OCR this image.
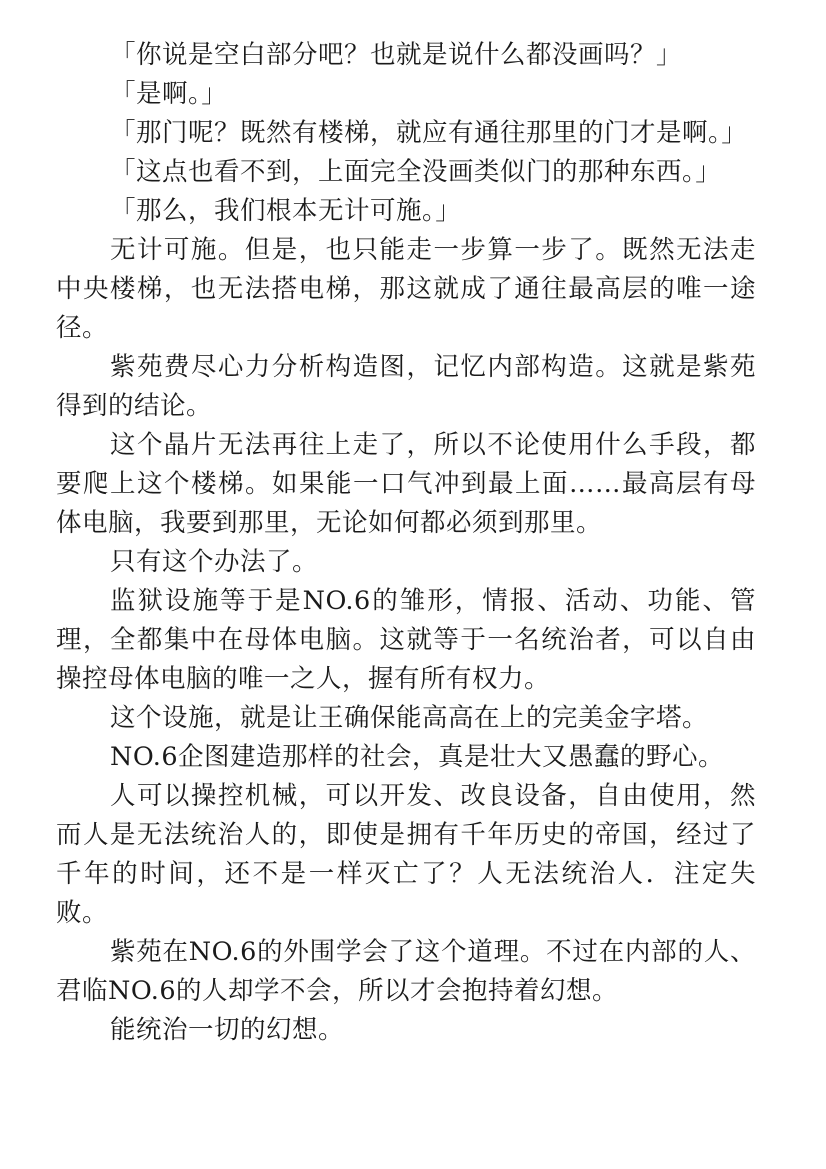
「你说是空白部分吧？也就是说什么都没画吗？」

「是啊。」

「那门呢？既然有楼梯，就应有通往那里的门才是啊。」

「这点也看不到，上面完全没画类似门的那种东西。」

「那么，我们根本无计可施。」

无计可施。但是，也只能走一步算一步了。既然无法走中央楼梯，也无法搭电梯，那这就成了通往最高层的唯一途径。

紫苑费尽心力分析构造图，记忆内部构造。这就是紫苑得到的结论。

这个晶片无法再往上走了，所以不论使用什么手段，都要爬上这个楼梯。如果能一口气冲到最上面……最高层有母体电脑，我要到那里，无论如何都必须到那里。

只有这个办法了。

监狱设施等于是NO.6的雏形，情报、活动、功能、管理，全都集中在母体电脑。这就等于一名统治者，可以自由操控母体电脑的唯一之人，握有所有权力。

这个设施，就是让王确保能高高在上的完美金字塔。

NO.6企图建造那样的社会，真是壮大又愚蠢的野心。

人可以操控机械，可以开发、改良设备，自由使用，然而人是无法统治人的，即使是拥有千年历史的帝国，经过了千年的时间，还不是一样灭亡了？人无法统治人．注定失败。

紫苑在NO.6的外围学会了这个道理。不过在内部的人、君临NO.6的人却学不会，所以才会抱持着幻想。

能统治一切的幻想。
